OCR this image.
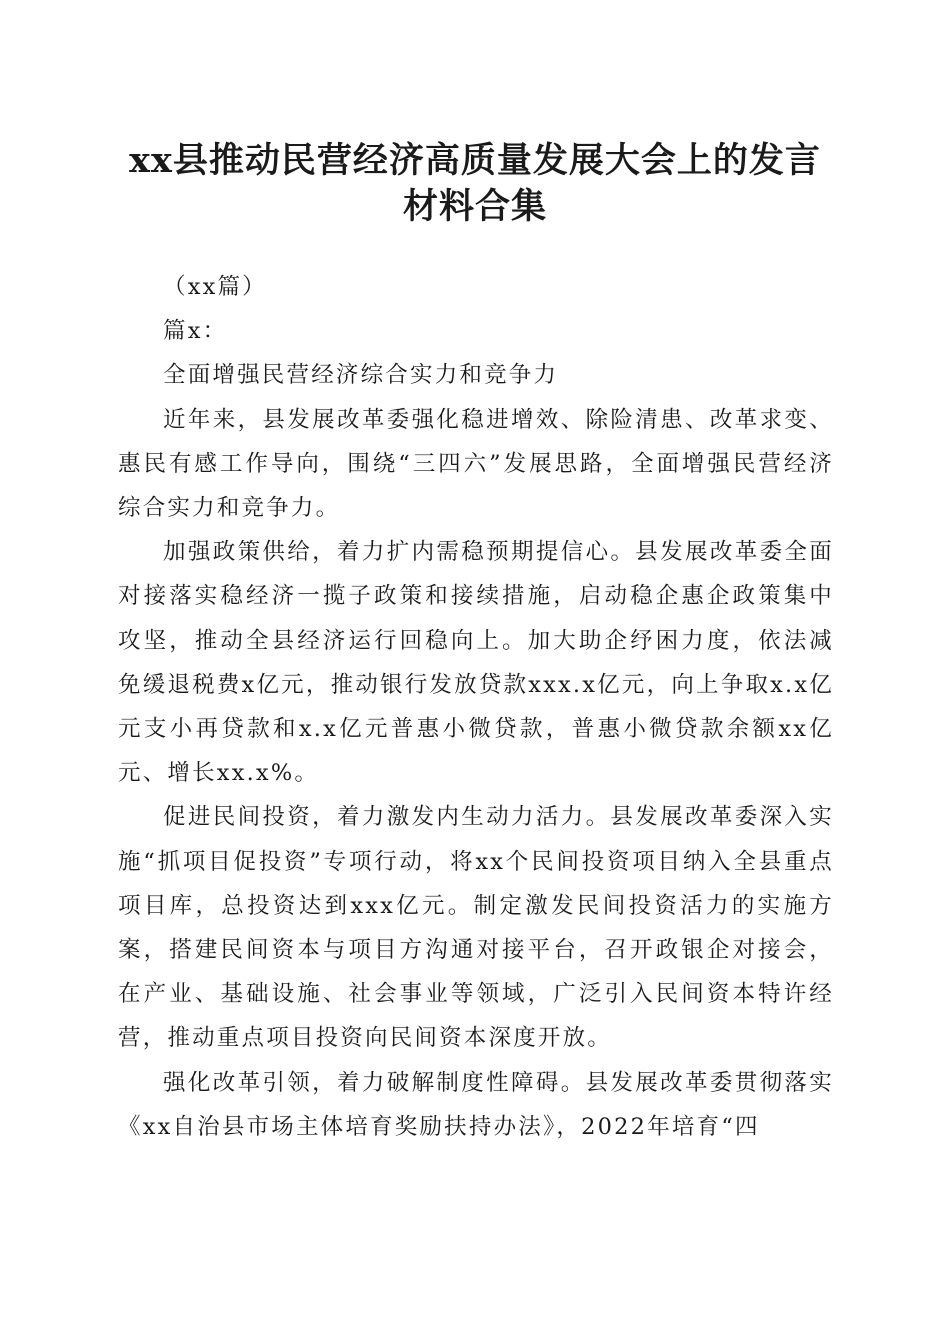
xx县推动民营经济高质量发展大会上的发言
材料合集

（xx篇）

篇x：

全面增强民营经济综合实力和竞争力

近年来，县发展改革委强化稳进增效、除险清患、改革求变、惠民有感工作导向，围绕“三四六”发展思路，全面增强民营经济综合实力和竞争力。

加强政策供给，着力扩内需稳预期提信心。县发展改革委全面对接落实稳经济一揽子政策和接续措施，启动稳企惠企政策集中攻坚，推动全县经济运行回稳向上。加大助企纾困力度，依法减免缓退税费x亿元，推动银行发放贷款xxx.x亿元，向上争取x.x亿元支小再贷款和x.x亿元普惠小微贷款，普惠小微贷款余额xx亿元、增长xx.x%。

促进民间投资，着力激发内生动力活力。县发展改革委深入实施“抓项目促投资”专项行动，将xx个民间投资项目纳入全县重点项目库，总投资达到xxx亿元。制定激发民间投资活力的实施方案，搭建民间资本与项目方沟通对接平台，召开政银企对接会，在产业、基础设施、社会事业等领域，广泛引入民间资本特许经营，推动重点项目投资向民间资本深度开放。

强化改革引领，着力破解制度性障碍。县发展改革委贯彻落实《xx自治县市场主体培育奖励扶持办法》，2022年培育“四
